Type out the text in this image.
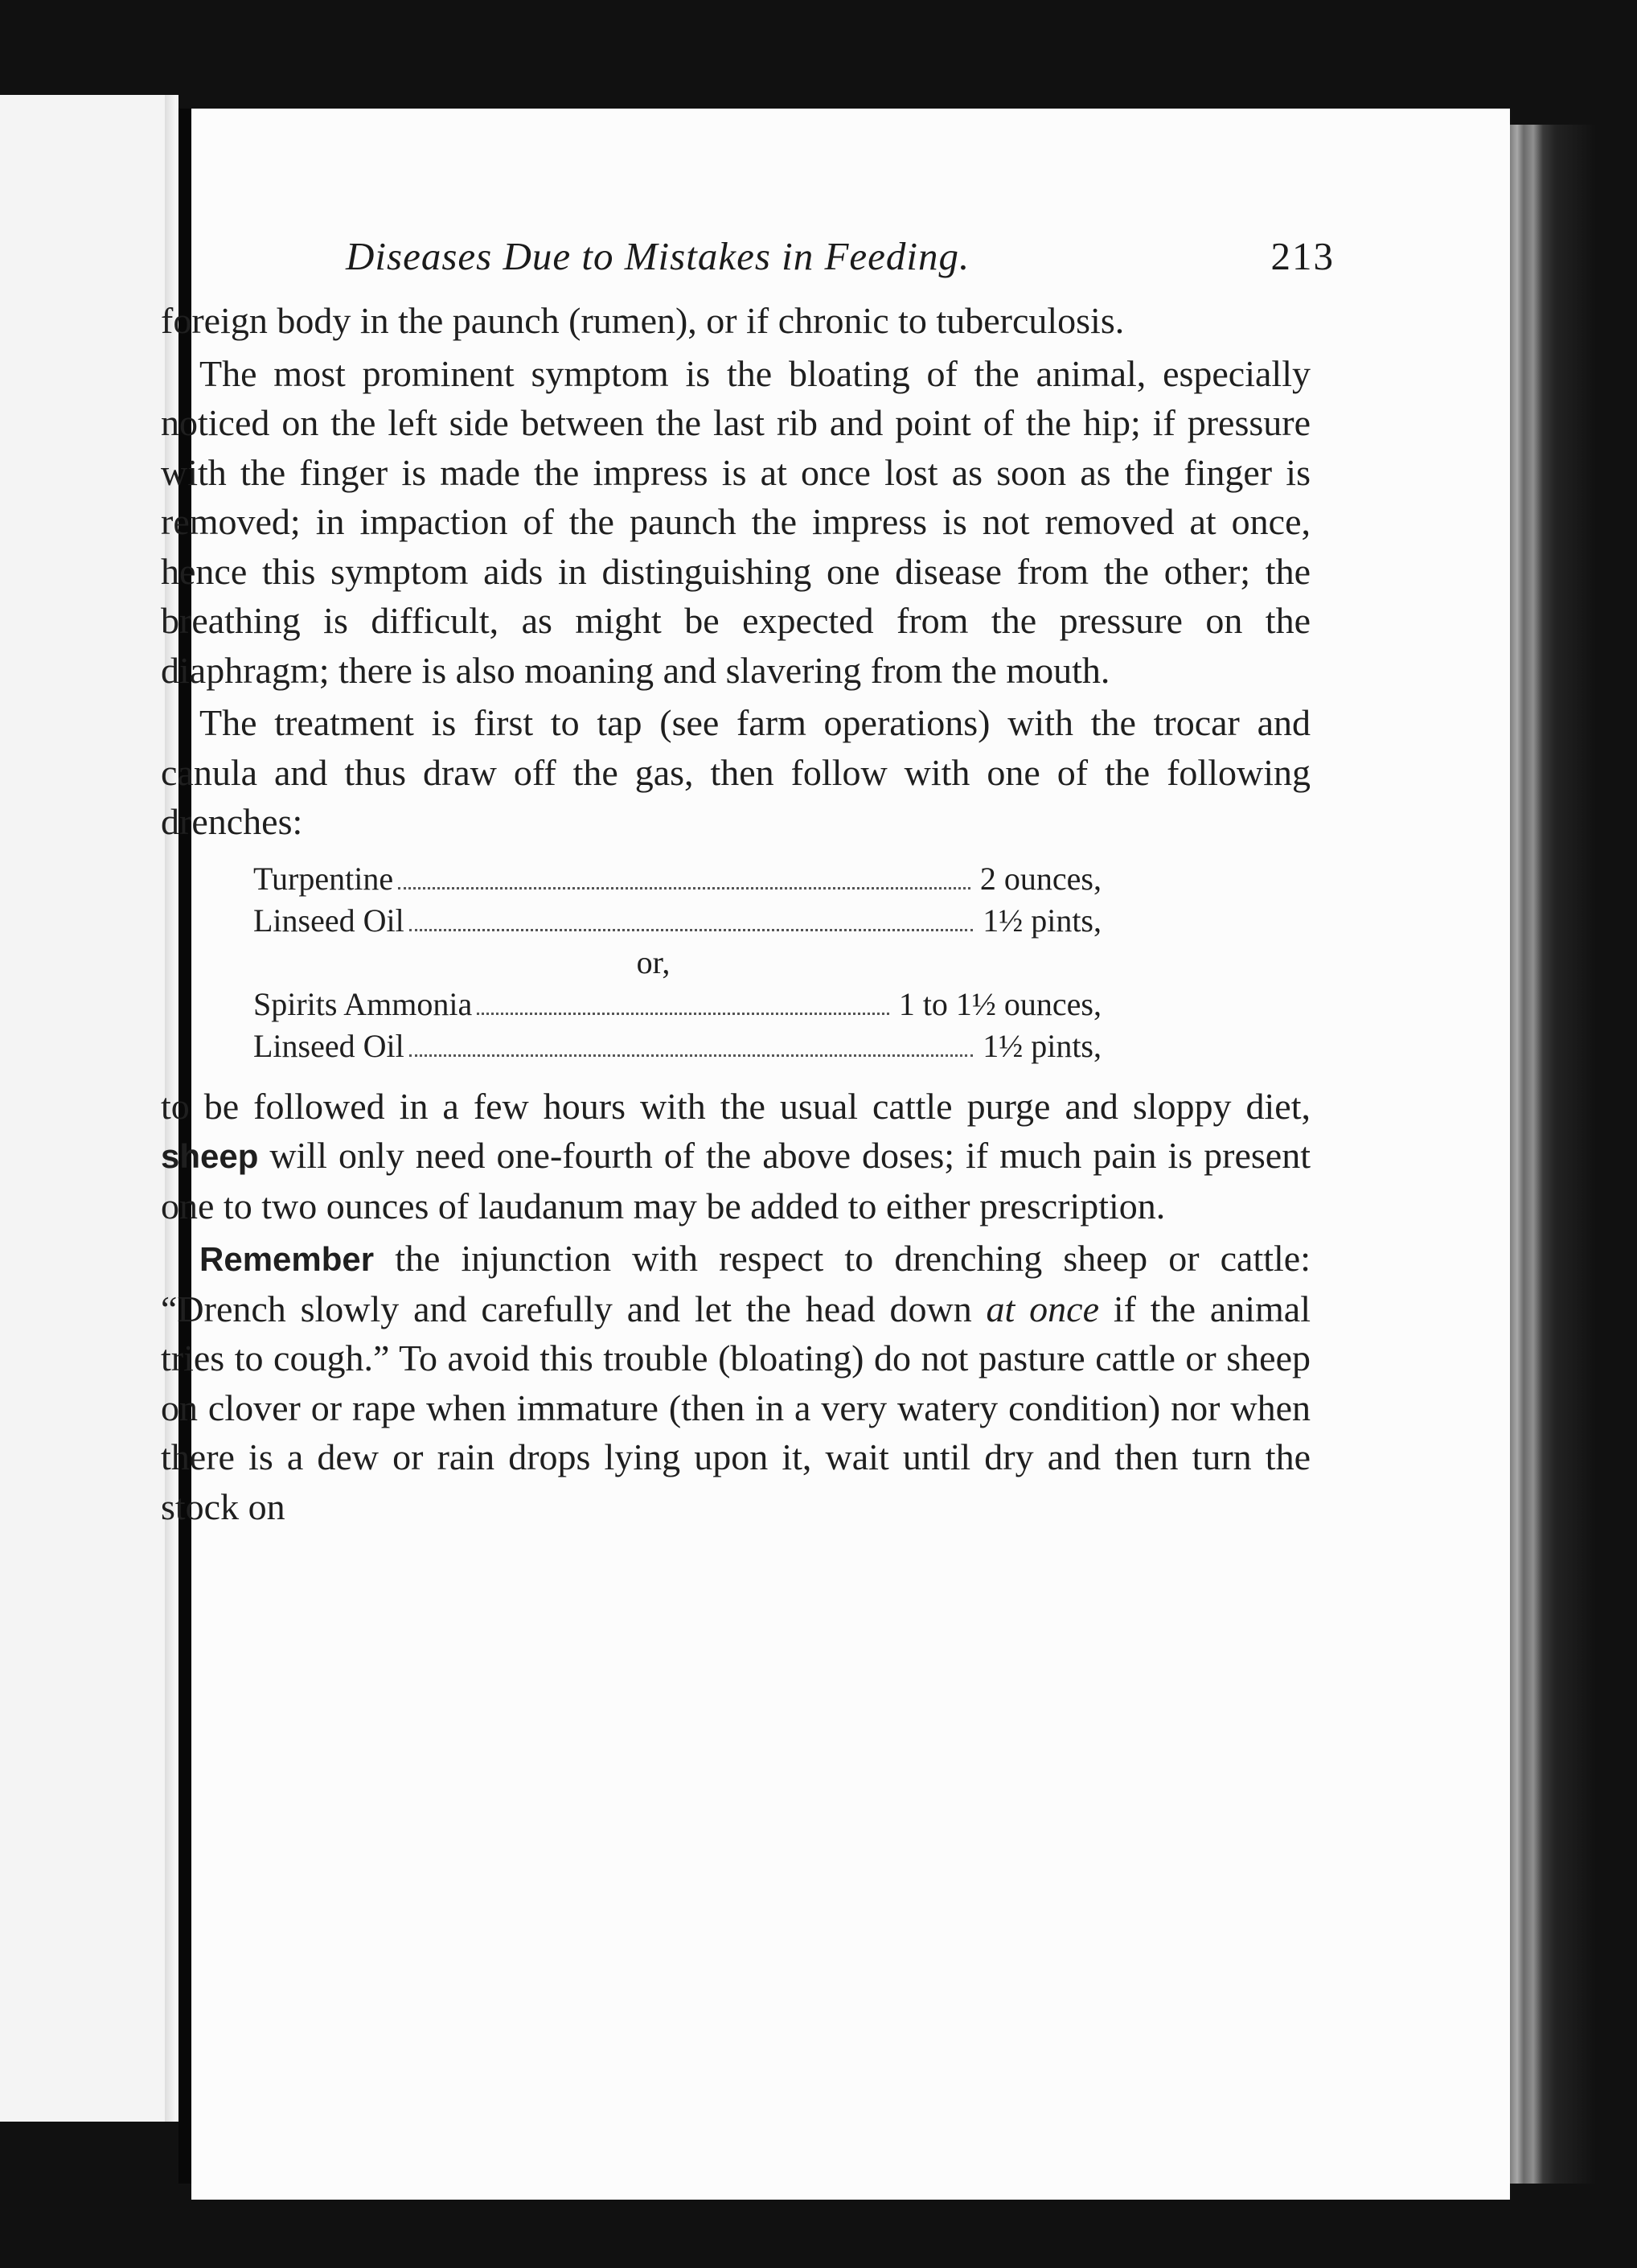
Diseases Due to Mistakes in Feeding.	213

foreign body in the paunch (rumen), or if chronic to tuberculosis.

The most prominent symptom is the bloating of the animal, especially noticed on the left side between the last rib and point of the hip; if pressure with the finger is made the impress is at once lost as soon as the finger is removed; in impaction of the paunch the impress is not removed at once, hence this symptom aids in distinguishing one disease from the other; the breathing is difficult, as might be expected from the pressure on the diaphragm; there is also moaning and slavering from the mouth.

The treatment is first to tap (see farm operations) with the trocar and canula and thus draw off the gas, then follow with one of the following drenches:

Turpentine	2 ounces,
Linseed Oil	1½ pints,
or,
Spirits Ammonia	1 to 1½ ounces,
Linseed Oil	1½ pints,

to be followed in a few hours with the usual cattle purge and sloppy diet, sheep will only need one-fourth of the above doses; if much pain is present one to two ounces of laudanum may be added to either prescription.

Remember the injunction with respect to drenching sheep or cattle: “Drench slowly and carefully and let the head down at once if the animal tries to cough.” To avoid this trouble (bloating) do not pasture cattle or sheep on clover or rape when immature (then in a very watery condition) nor when there is a dew or rain drops lying upon it, wait until dry and then turn the stock on
